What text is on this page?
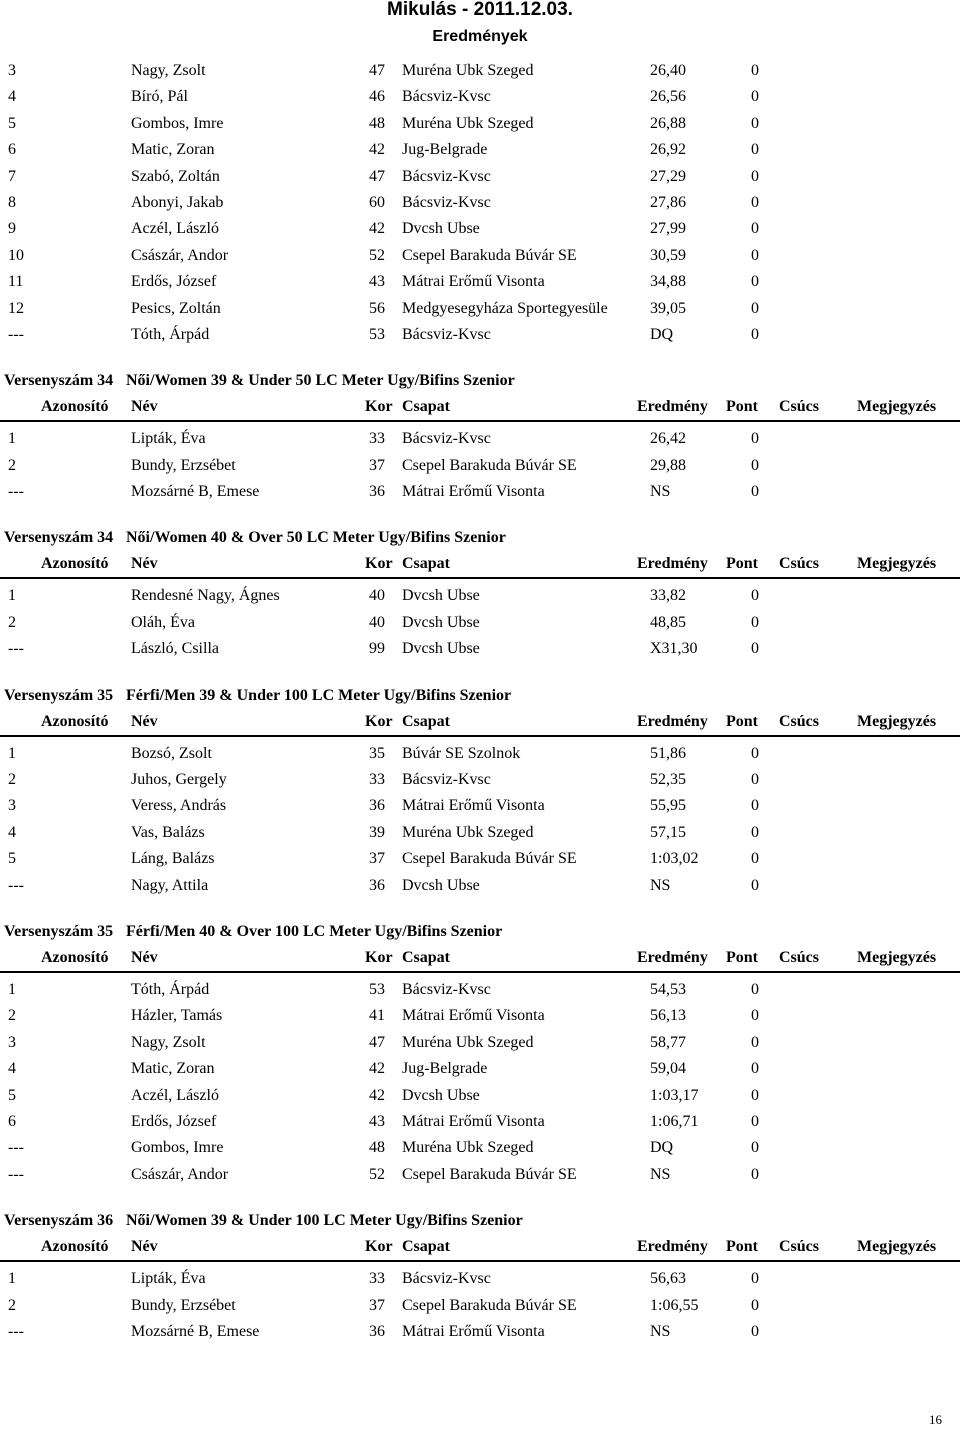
Mikulás - 2011.12.03.
Eredmények
3	Nagy, Zsolt	47 Muréna Ubk Szeged	26,40	0
4	Bíró, Pál	46 Bácsviz-Kvsc	26,56	0
5	Gombos, Imre	48 Muréna Ubk Szeged	26,88	0
6	Matic, Zoran	42 Jug-Belgrade	26,92	0
7	Szabó, Zoltán	47 Bácsviz-Kvsc	27,29	0
8	Abonyi, Jakab	60 Bácsviz-Kvsc	27,86	0
9	Aczél, László	42 Dvcsh Ubse	27,99	0
10	Császár, Andor	52 Csepel Barakuda Búvár SE	30,59	0
11	Erdős, József	43 Mátrai Erőmű Visonta	34,88	0
12	Pesics, Zoltán	56 Medgyesegyháza Sportegyesüle	39,05	0
---	Tóth, Árpád	53 Bácsviz-Kvsc	DQ	0
Versenyszám 34 Női/Women 39 & Under 50 LC Meter Ugy/Bifins Szenior
Azonosító Név	Kor Csapat	Eredmény Pont Csúcs Megjegyzés
1	Lipták, Éva	33 Bácsviz-Kvsc	26,42	0
2	Bundy, Erzsébet	37 Csepel Barakuda Búvár SE	29,88	0
---	Mozsárné B, Emese	36 Mátrai Erőmű Visonta	NS	0
Versenyszám 34 Női/Women 40 & Over 50 LC Meter Ugy/Bifins Szenior
Azonosító Név	Kor Csapat	Eredmény Pont Csúcs Megjegyzés
1	Rendesné Nagy, Ágnes	40 Dvcsh Ubse	33,82	0
2	Oláh, Éva	40 Dvcsh Ubse	48,85	0
---	László, Csilla	99 Dvcsh Ubse	X31,30	0
Versenyszám 35 Férfi/Men 39 & Under 100 LC Meter Ugy/Bifins Szenior
Azonosító Név	Kor Csapat	Eredmény Pont Csúcs Megjegyzés
1	Bozsó, Zsolt	35 Búvár SE Szolnok	51,86	0
2	Juhos, Gergely	33 Bácsviz-Kvsc	52,35	0
3	Veress, András	36 Mátrai Erőmű Visonta	55,95	0
4	Vas, Balázs	39 Muréna Ubk Szeged	57,15	0
5	Láng, Balázs	37 Csepel Barakuda Búvár SE	1:03,02	0
---	Nagy, Attila	36 Dvcsh Ubse	NS	0
Versenyszám 35 Férfi/Men 40 & Over 100 LC Meter Ugy/Bifins Szenior
Azonosító Név	Kor Csapat	Eredmény Pont Csúcs Megjegyzés
1	Tóth, Árpád	53 Bácsviz-Kvsc	54,53	0
2	Házler, Tamás	41 Mátrai Erőmű Visonta	56,13	0
3	Nagy, Zsolt	47 Muréna Ubk Szeged	58,77	0
4	Matic, Zoran	42 Jug-Belgrade	59,04	0
5	Aczél, László	42 Dvcsh Ubse	1:03,17	0
6	Erdős, József	43 Mátrai Erőmű Visonta	1:06,71	0
---	Gombos, Imre	48 Muréna Ubk Szeged	DQ	0
---	Császár, Andor	52 Csepel Barakuda Búvár SE	NS	0
Versenyszám 36 Női/Women 39 & Under 100 LC Meter Ugy/Bifins Szenior
Azonosító Név	Kor Csapat	Eredmény Pont Csúcs Megjegyzés
1	Lipták, Éva	33 Bácsviz-Kvsc	56,63	0
2	Bundy, Erzsébet	37 Csepel Barakuda Búvár SE	1:06,55	0
---	Mozsárné B, Emese	36 Mátrai Erőmű Visonta	NS	0
16
